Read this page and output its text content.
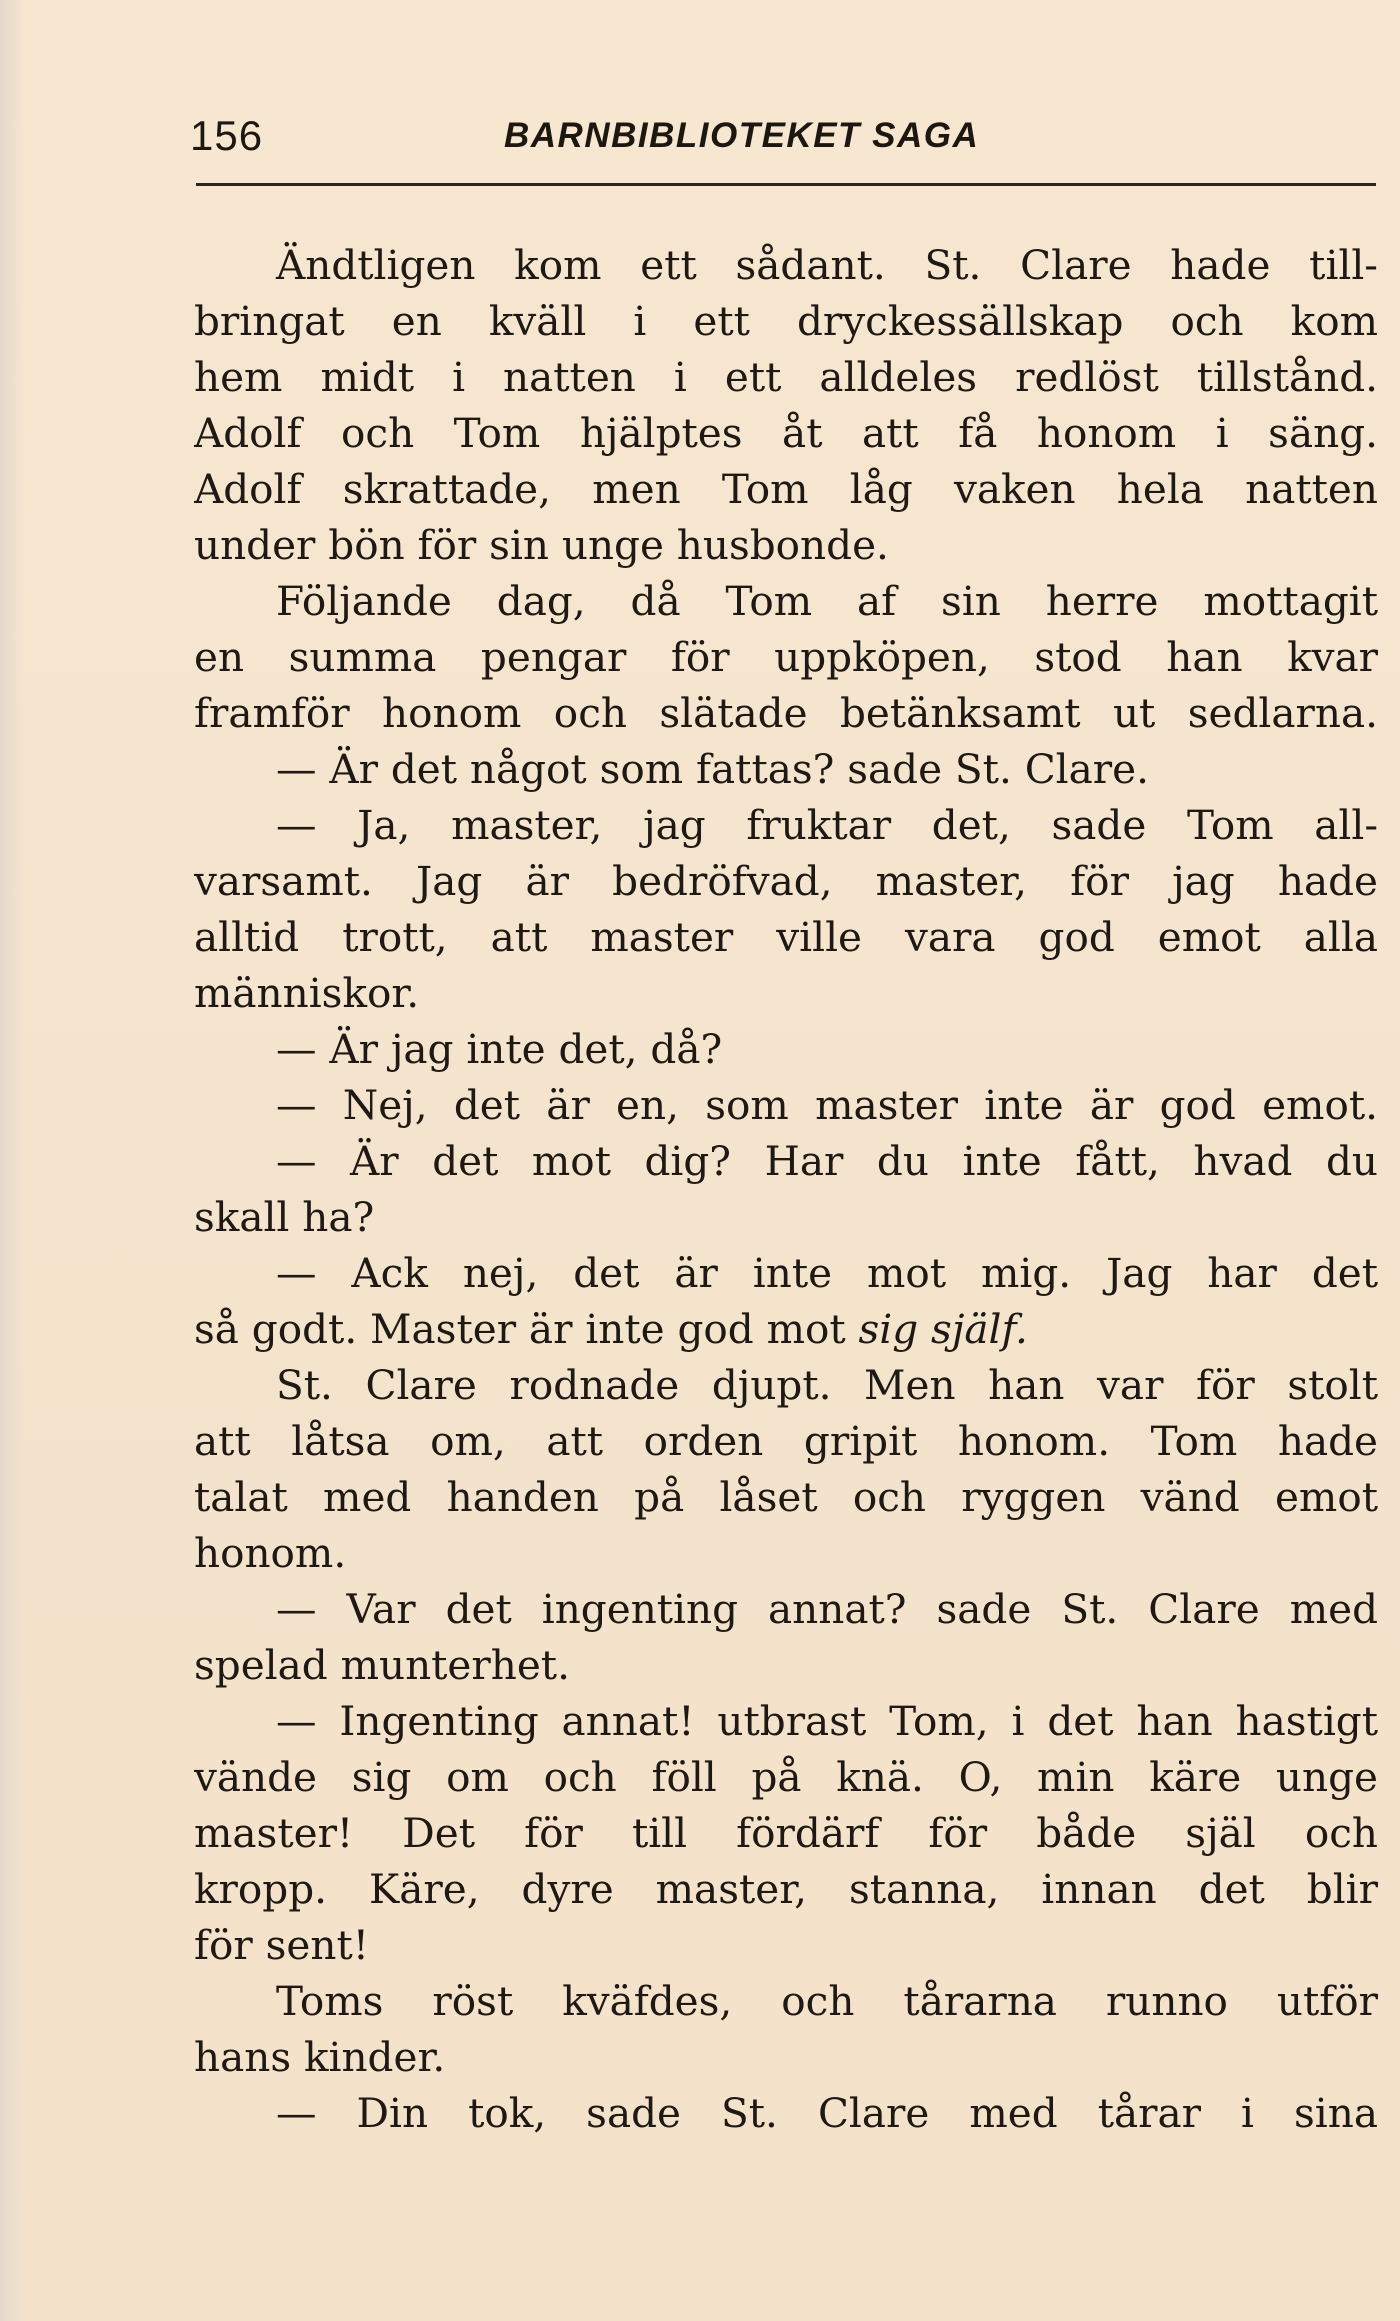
156	BARNBIBLIOTEKET SAGA
Ändtligen kom ett sådant. St. Clare hade till-
bringat en kväll i ett dryckessällskap och kom
hem midt i natten i ett alldeles redlöst tillstånd.
Adolf och Tom hjälptes åt att få honom i säng.
Adolf skrattade, men Tom låg vaken hela natten
under bön för sin unge husbonde.
Följande dag, då Tom af sin herre mottagit
en summa pengar för uppköpen, stod han kvar
framför honom och slätade betänksamt ut sedlarna.
— Är det något som fattas? sade St. Clare.
— Ja, master, jag fruktar det, sade Tom all-
varsamt. Jag är bedröfvad, master, för jag hade
alltid trott, att master ville vara god emot alla
människor.
— Är jag inte det, då?
— Nej, det är en, som master inte är god emot.
— Är det mot dig? Har du inte fått, hvad du
skall ha?
— Ack nej, det är inte mot mig. Jag har det
så godt. Master är inte god mot sig själf.
St. Clare rodnade djupt. Men han var för stolt
att låtsa om, att orden gripit honom. Tom hade
talat med handen på låset och ryggen vänd emot
honom.
— Var det ingenting annat? sade St. Clare med
spelad munterhet.
— Ingenting annat! utbrast Tom, i det han hastigt
vände sig om och föll på knä. O, min käre unge
master! Det för till fördärf för både själ och
kropp. Käre, dyre master, stanna, innan det blir
för sent!
Toms röst kväfdes, och tårarna runno utför
hans kinder.
— Din tok, sade St. Clare med tårar i sina
